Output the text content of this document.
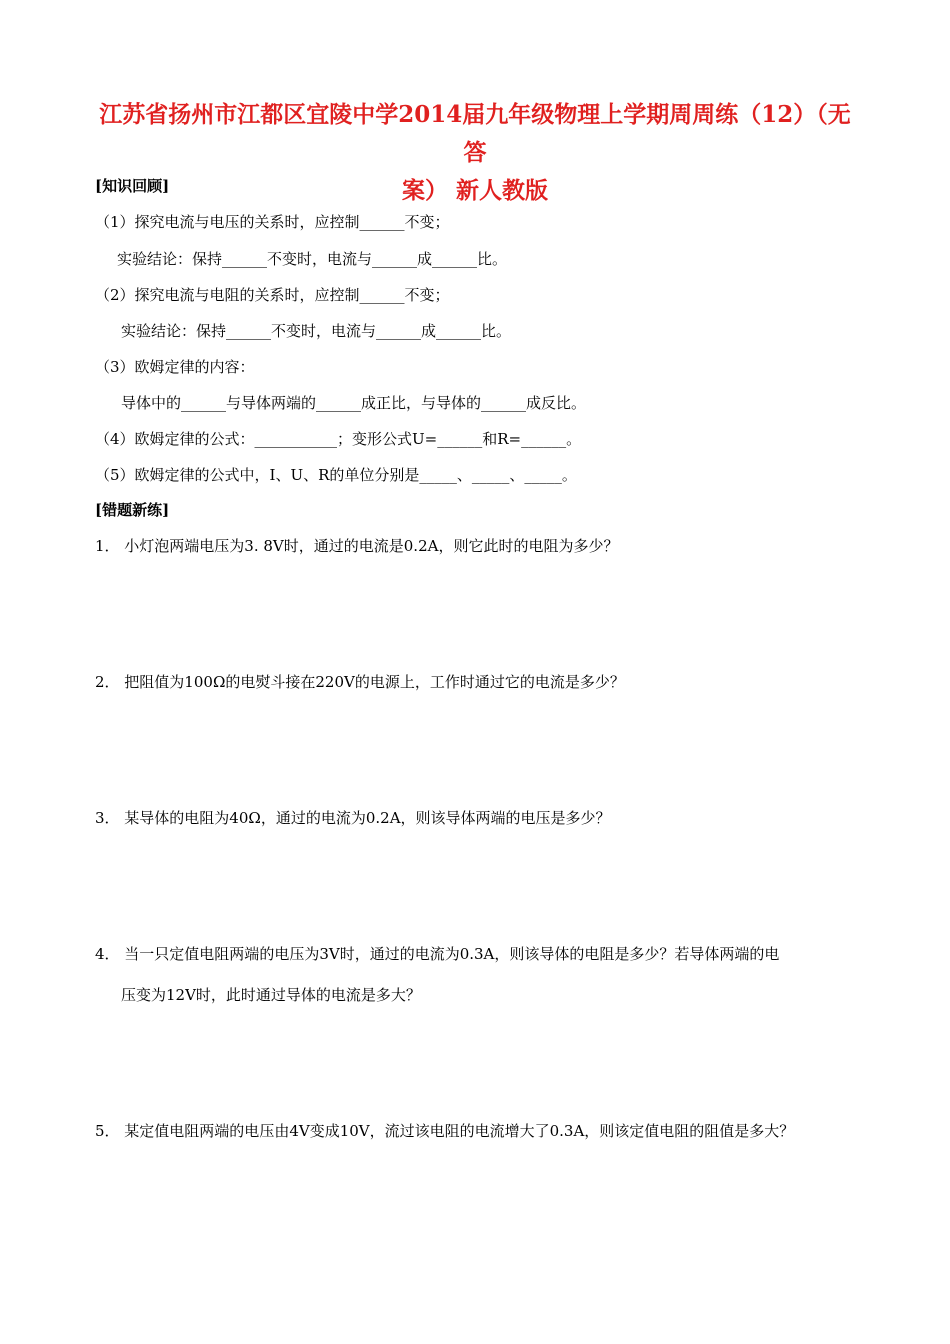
江苏省扬州市江都区宜陵中学2014届九年级物理上学期周周练（12）（无答
案） 新人教版
[知识回顾]
（1）探究电流与电压的关系时，应控制______不变；
实验结论：保持______不变时，电流与______成______比。
（2）探究电流与电阻的关系时，应控制______不变；
实验结论：保持______不变时，电流与______成______比。
（3）欧姆定律的内容：
导体中的______与导体两端的______成正比，与导体的______成反比。
（4）欧姆定律的公式：___________；变形公式U=______和R=______。
（5）欧姆定律的公式中，I、U、R的单位分别是_____、_____、_____。
[错题新练]
1． 小灯泡两端电压为3. 8V时，通过的电流是0.2A，则它此时的电阻为多少？
2． 把阻值为100Ω的电熨斗接在220V的电源上，工作时通过它的电流是多少？
3． 某导体的电阻为40Ω，通过的电流为0.2A，则该导体两端的电压是多少？
4． 当一只定值电阻两端的电压为3V时，通过的电流为0.3A，则该导体的电阻是多少？若导体两端的电
压变为12V时，此时通过导体的电流是多大？
5． 某定值电阻两端的电压由4V变成10V，流过该电阻的电流增大了0.3A，则该定值电阻的阻值是多大？
